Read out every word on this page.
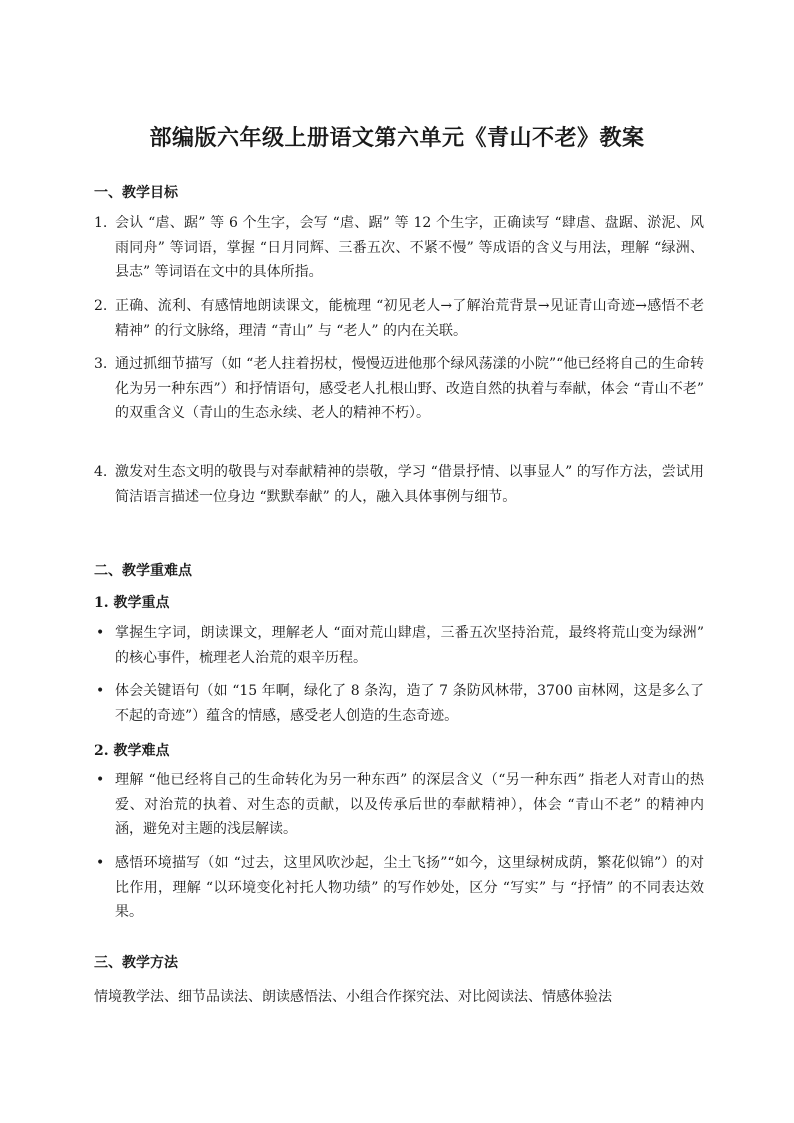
部编版六年级上册语文第六单元《青山不老》教案
一、教学目标
1. 会认 “虐、踞” 等 6 个生字，会写 “虐、踞” 等 12 个生字，正确读写 “肆虐、盘踞、淤泥、风雨同舟” 等词语，掌握 “日月同辉、三番五次、不紧不慢” 等成语的含义与用法，理解 “绿洲、县志” 等词语在文中的具体所指。
2. 正确、流利、有感情地朗读课文，能梳理 “初见老人→了解治荒背景→见证青山奇迹→感悟不老精神” 的行文脉络，理清 “青山” 与 “老人” 的内在关联。
3. 通过抓细节描写（如 “老人拄着拐杖，慢慢迈进他那个绿风荡漾的小院”“他已经将自己的生命转化为另一种东西”）和抒情语句，感受老人扎根山野、改造自然的执着与奉献，体会 “青山不老” 的双重含义（青山的生态永续、老人的精神不朽）。
4. 激发对生态文明的敬畏与对奉献精神的崇敬，学习 “借景抒情、以事显人” 的写作方法，尝试用简洁语言描述一位身边 “默默奉献” 的人，融入具体事例与细节。
二、教学重难点
1. 教学重点
• 掌握生字词，朗读课文，理解老人 “面对荒山肆虐，三番五次坚持治荒，最终将荒山变为绿洲” 的核心事件，梳理老人治荒的艰辛历程。
• 体会关键语句（如 “15 年啊，绿化了 8 条沟，造了 7 条防风林带，3700 亩林网，这是多么了不起的奇迹”）蕴含的情感，感受老人创造的生态奇迹。
2. 教学难点
• 理解 “他已经将自己的生命转化为另一种东西” 的深层含义（“另一种东西” 指老人对青山的热爱、对治荒的执着、对生态的贡献，以及传承后世的奉献精神），体会 “青山不老” 的精神内涵，避免对主题的浅层解读。
• 感悟环境描写（如 “过去，这里风吹沙起，尘土飞扬”“如今，这里绿树成荫，繁花似锦”）的对比作用，理解 “以环境变化衬托人物功绩” 的写作妙处，区分 “写实” 与 “抒情” 的不同表达效果。
三、教学方法

情境教学法、细节品读法、朗读感悟法、小组合作探究法、对比阅读法、情感体验法
